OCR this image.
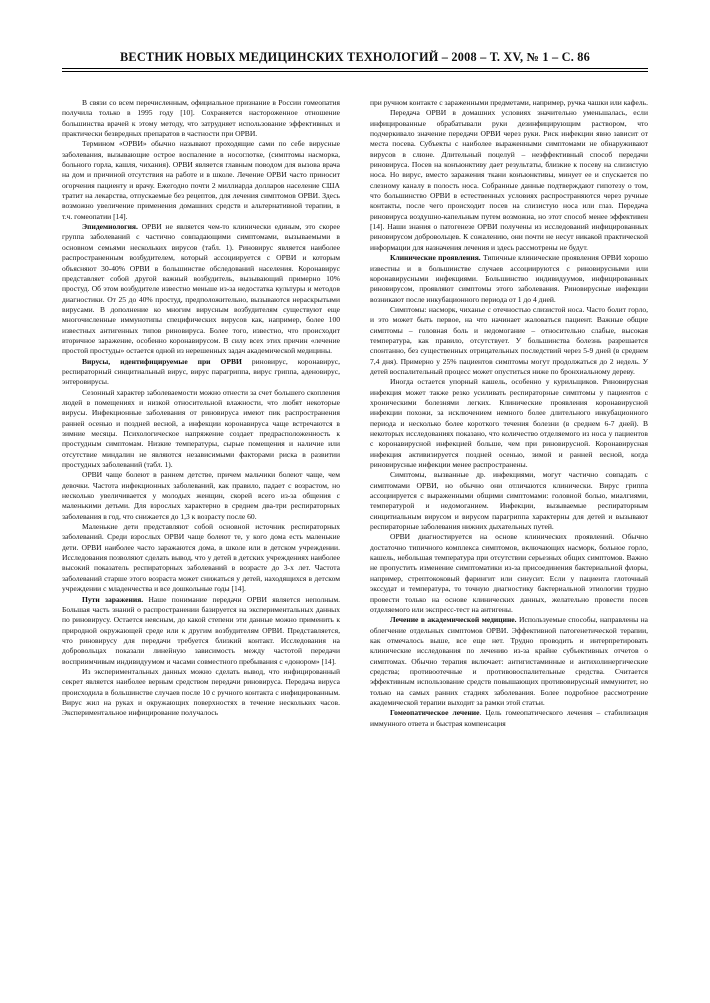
ВЕСТНИК НОВЫХ МЕДИЦИНСКИХ ТЕХНОЛОГИЙ – 2008 – Т. XV, № 1 – С. 86

В связи со всем перечисленным, официальное признание в России гомеопатия получила только в 1995 году [10]. Сохраняется настороженное отношение большинства врачей к этому методу, что затрудняет использование эффективных и практически безвредных препаратов в частности при ОРВИ.

Термином «ОРВИ» обычно называют проходящие сами по себе вирусные заболевания, вызывающие острое воспаление в носоглотке, (симптомы насморка, больного горла, кашля, чихания). ОРВИ является главным поводом для вызова врача на дом и причиной отсутствия на работе и в школе. Лечение ОРВИ часто приносит огорчения пациенту и врачу. Ежегодно почти 2 миллиарда долларов население США тратит на лекарства, отпускаемые без рецептов, для лечения симптомов ОРВИ. Здесь возможно увеличение применения домашних средств и альтернативной терапии, в т.ч. гомеопатии [14].

Эпидемиология. ОРВИ не является чем-то клинически единым, это скорее группа заболеваний с частично совпадающими симптомами, вызываемыми в основном семьями нескольких вирусов (табл. 1). Риновирус является наиболее распространенным возбудителем, который ассоциируется с ОРВИ и которым объясняют 30-40% ОРВИ в большинстве обследований населения. Коронавирус представляет собой другой важный возбудитель, вызывающий примерно 10% простуд. Об этом возбудителе известно меньше из-за недостатка культуры и методов диагностики. От 25 до 40% простуд, предположительно, вызываются нераскрытыми вирусами. В дополнение ко многим вирусным возбудителям существуют еще многочисленные иммунотипы специфических вирусов как, например, более 100 известных антигенных типов риновируса. Более того, известно, что происходит вторичное заражение, особенно коронавирусом. В силу всех этих причин «лечение простой простуды» остается одной из нерешенных задач академической медицины.

Вирусы, идентифицируемые при ОРВИ риновирус, коронавирус, респираторный синцитиальный вирус, вирус парагриппа, вирус гриппа, аденовирус, энтеровирусы.

Сезонный характер заболеваемости можно отнести за счет большего скопления людей в помещениях и низкой относительной влажности, что любят некоторые вирусы. Инфекционные заболевания от риновируса имеют пик распространения ранней осенью и поздней весной, а инфекции коронавируса чаще встречаются в зимние месяцы. Психологическое напряжение создает предрасположенность к простудным симптомам. Низкие температуры, сырые помещения и наличие или отсутствие миндалин не являются независимыми факторами риска в развитии простудных заболеваний (табл. 1).

ОРВИ чаще болеют в раннем детстве, причем мальчики болеют чаще, чем девочки. Частота инфекционных заболеваний, как правило, падает с возрастом, но несколько увеличивается у молодых женщин, скорей всего из-за общения с маленькими детьми. Для взрослых характерно в среднем два-три респираторных заболевания в год, что снижается до 1,3 к возрасту после 60.

Маленькие дети представляют собой основной источник респираторных заболеваний. Среди взрослых ОРВИ чаще болеют те, у кого дома есть маленькие дети. ОРВИ наиболее часто заражаются дома, в школе или в детском учреждении. Исследования позволяют сделать вывод, что у детей в детских учреждениях наиболее высокий показатель респираторных заболеваний в возрасте до 3-х лет. Частота заболеваний старше этого возраста может снижаться у детей, находящихся в детском учреждении с младенчества и все дошкольные годы [14].

Пути заражения. Наше понимание передачи ОРВИ является неполным. Большая часть знаний о распространении базируется на экспериментальных данных по риновирусу. Остается неясным, до какой степени эти данные можно применить к природной окружающей среде или к другим возбудителям ОРВИ. Представляется, что риновирусу для передачи требуется близкий контакт. Исследования на добровольцах показали линейную зависимость между частотой передачи восприимчивым индивидуумом и часами совместного пребывания с «донором» [14].

Из экспериментальных данных можно сделать вывод, что инфицированный секрет является наиболее верным средством передачи риновируса. Передача вируса происходила в большинстве случаев после 10 с ручного контакта с инфицированным. Вирус жил на руках и окружающих поверхностях в течение нескольких часов. Экспериментальное инфицирование получалось

при ручном контакте с зараженными предметами, например, ручка чашки или кафель.

Передача ОРВИ в домашних условиях значительно уменьшалась, если инфицированные обрабатывали руки дезинфицирующим раствором, что подчеркивало значение передачи ОРВИ через руки. Риск инфекции явно зависит от места посева. Субъекты с наиболее выраженными симптомами не обнаруживают вирусов в слюне. Длительный поцелуй – неэффективный способ передачи риновируса. Посев на конъюнктиву дает результаты, близкие к посеву на слизистую носа. Но вирус, вместо заражения ткани конъюнктивы, минует ее и спускается по слезному каналу в полость носа. Собранные данные подтверждают гипотезу о том, что большинство ОРВИ в естественных условиях распространяются через ручные контакты, после чего происходит посев на слизистую носа или глаз. Передача риновируса воздушно-капельным путем возможна, но этот способ менее эффективен [14]. Наши знания о патогенезе ОРВИ получены из исследований инфицированных риновирусом добровольцев. К сожалению, они почти не несут никакой практической информации для назначения лечения и здесь рассмотрены не будут.

Клинические проявления. Типичные клинические проявления ОРВИ хорошо известны и в большинстве случаев ассоциируются с риновирусными или коронавирусными инфекциями. Большинство индивидуумов, инфицированных риновирусом, проявляют симптомы этого заболевания. Риновирусные инфекции возникают после инкубационного периода от 1 до 4 дней.

Симптомы: насморк, чиханье с отечностью слизистой носа. Часто болит горло, и это может быть первое, на что начинает жаловаться пациент. Важные общие симптомы – головная боль и недомогание – относительно слабые, высокая температура, как правило, отсутствует. У большинства болезнь разрешается спонтанно, без существенных отрицательных последствий через 5-9 дней (в среднем 7,4 дня). Примерно у 25% пациентов симптомы могут продолжаться до 2 недель. У детей воспалительный процесс может опуститься ниже по бронхиальному дереву.

Иногда остается упорный кашель, особенно у курильщиков. Риновирусная инфекция может также резко усиливать респираторные симптомы у пациентов с хроническими болезнями легких. Клинические проявления коронавирусной инфекции похожи, за исключением немного более длительного инкубационного периода и несколько более короткого течения болезни (в среднем 6-7 дней). В некоторых исследованиях показано, что количество отделяемого из носа у пациентов с коронавирусной инфекцией больше, чем при риновирусной. Коронавирусная инфекция активизируется поздней осенью, зимой и ранней весной, когда риновирусные инфекции менее распространены.

Симптомы, вызванные др. инфекциями, могут частично совпадать с симптомами ОРВИ, но обычно они отличаются клинически. Вирус гриппа ассоциируется с выраженными общими симптомами: головной болью, миалгиями, температурой и недомоганием. Инфекции, вызываемые респираторным синцитиальным вирусом и вирусом парагриппа характерны для детей и вызывают респираторные заболевания нижних дыхательных путей.

ОРВИ диагностируется на основе клинических проявлений. Обычно достаточно типичного комплекса симптомов, включающих насморк, больное горло, кашель, небольшая температура при отсутствии серьезных общих симптомов. Важно не пропустить изменение симптоматики из-за присоединения бактериальной флоры, например, стрептококовый фарингит или синусит. Если у пациента глоточный экссудат и температура, то точную диагностику бактериальной этиологии трудно провести только на основе клинических данных, желательно провести посев отделяемого или экспресс-тест на антигены.

Лечение в академической медицине. Используемые способы, направлены на облегчение отдельных симптомов ОРВИ. Эффективной патогенетической терапии, как отмечалось выше, все еще нет. Трудно проводить и интерпретировать клинические исследования по лечению из-за крайне субъективных отчетов о симптомах. Обычно терапия включает: антигистаминные и антихолинергические средства; противоотечные и противовоспалительные средства. Считается эффективным использование средств повышающих противовирусный иммунитет, но только на самых ранних стадиях заболевания. Более подробное рассмотрение академической терапии выходит за рамки этой статьи.

Гомеопатическое лечение. Цель гомеопатического лечения – стабилизация иммунного ответа и быстрая компенсация
